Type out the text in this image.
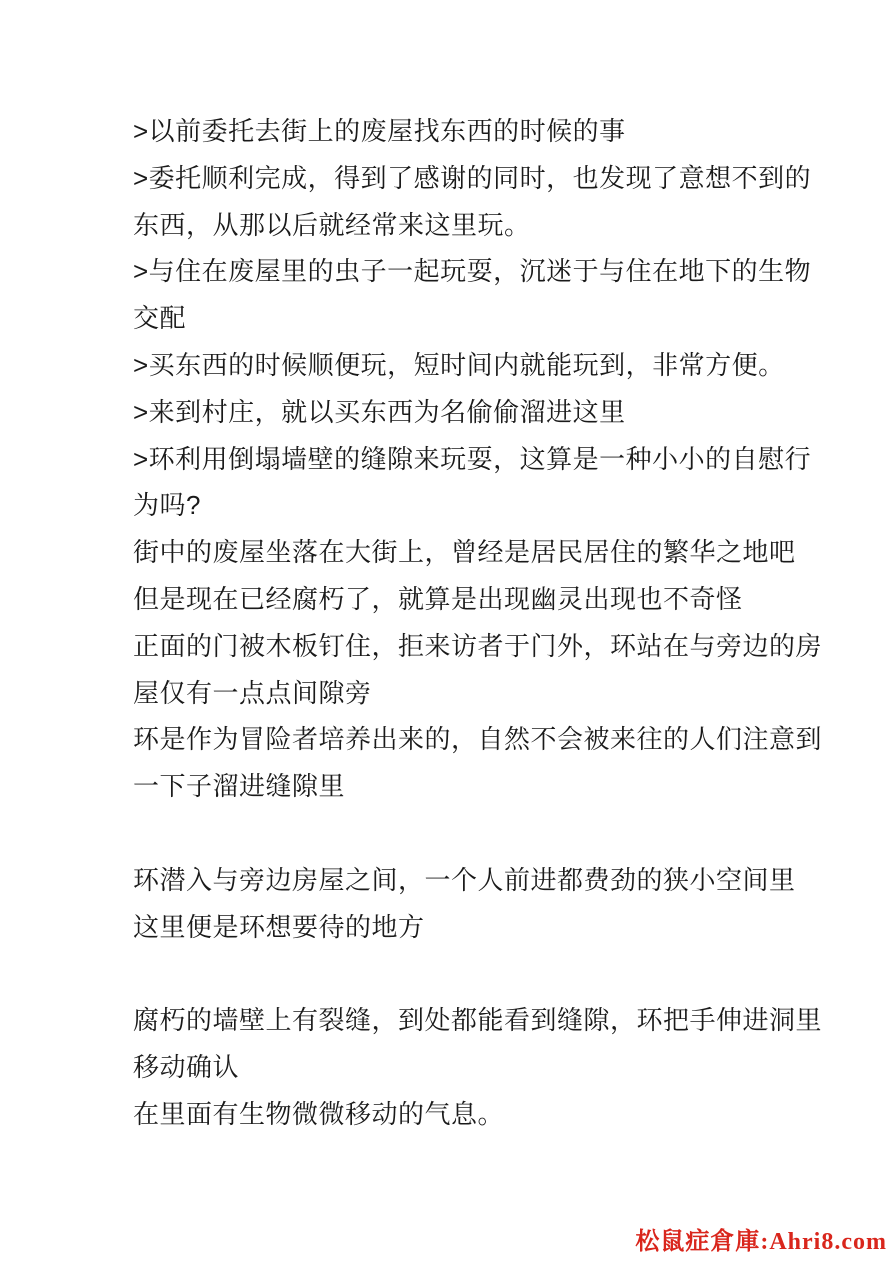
>以前委托去街上的废屋找东西的时候的事
>委托顺利完成，得到了感谢的同时，也发现了意想不到的
东西，从那以后就经常来这里玩。
>与住在废屋里的虫子一起玩耍，沉迷于与住在地下的生物
交配
>买东西的时候顺便玩，短时间内就能玩到，非常方便。
>来到村庄，就以买东西为名偷偷溜进这里
>环利用倒塌墙壁的缝隙来玩耍，这算是一种小小的自慰行
为吗?
街中的废屋坐落在大街上，曾经是居民居住的繁华之地吧
但是现在已经腐朽了，就算是出现幽灵出现也不奇怪
正面的门被木板钉住，拒来访者于门外，环站在与旁边的房
屋仅有一点点间隙旁
环是作为冒险者培养出来的，自然不会被来往的人们注意到
一下子溜进缝隙里
环潜入与旁边房屋之间，一个人前进都费劲的狭小空间里
这里便是环想要待的地方
腐朽的墙壁上有裂缝，到处都能看到缝隙，环把手伸进洞里
移动确认
在里面有生物微微移动的气息。
松鼠症倉庫:Ahri8.com
